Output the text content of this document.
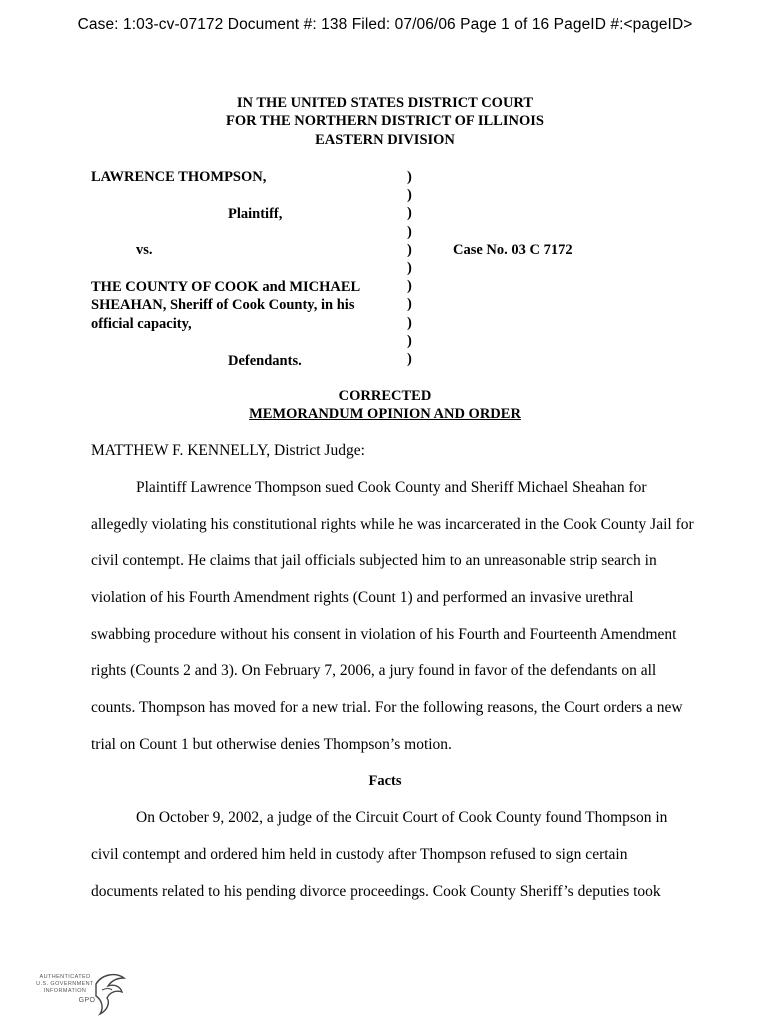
Case: 1:03-cv-07172 Document #: 138 Filed: 07/06/06 Page 1 of 16 PageID #:<pageID>
IN THE UNITED STATES DISTRICT COURT
FOR THE NORTHERN DISTRICT OF ILLINOIS
EASTERN DIVISION
LAWRENCE THOMPSON,
Plaintiff,
vs.
THE COUNTY OF COOK and MICHAEL
SHEAHAN, Sheriff of Cook County, in his
official capacity,
Defendants.
)
)
)
)
)
)
)
)
)
)
)
Case No. 03 C 7172
CORRECTED
MEMORANDUM OPINION AND ORDER
MATTHEW F. KENNELLY, District Judge:
Plaintiff Lawrence Thompson sued Cook County and Sheriff Michael Sheahan for
allegedly violating his constitutional rights while he was incarcerated in the Cook County Jail for
civil contempt. He claims that jail officials subjected him to an unreasonable strip search in
violation of his Fourth Amendment rights (Count 1) and performed an invasive urethral
swabbing procedure without his consent in violation of his Fourth and Fourteenth Amendment
rights (Counts 2 and 3). On February 7, 2006, a jury found in favor of the defendants on all
counts. Thompson has moved for a new trial. For the following reasons, the Court orders a new
trial on Count 1 but otherwise denies Thompson’s motion.
Facts
On October 9, 2002, a judge of the Circuit Court of Cook County found Thompson in
civil contempt and ordered him held in custody after Thompson refused to sign certain
documents related to his pending divorce proceedings. Cook County Sheriff’s deputies took
AUTHENTICATED
U.S. GOVERNMENT
INFORMATION
GPO
